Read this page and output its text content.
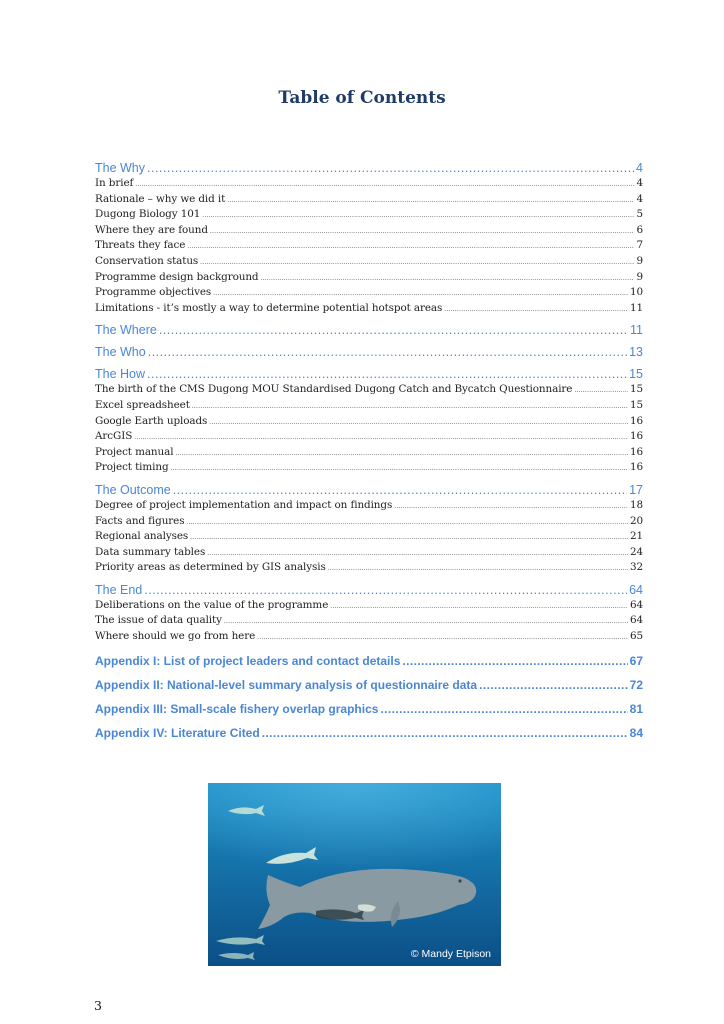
Table of Contents
The Why .....	4
In brief .....	4
Rationale – why we did it .....	4
Dugong Biology 101 .....	5
Where they are found .....	6
Threats they face .....	7
Conservation status .....	9
Programme design background .....	9
Programme objectives .....	10
Limitations - it’s mostly a way to determine potential hotspot areas .....	11
The Where .....	11
The Who .....	13
The How .....	15
The birth of the CMS Dugong MOU Standardised Dugong Catch and Bycatch Questionnaire .....	15
Excel spreadsheet .....	15
Google Earth uploads .....	16
ArcGIS .....	16
Project manual .....	16
Project timing .....	16
The Outcome .....	17
Degree of project implementation and impact on findings .....	18
Facts and figures .....	20
Regional analyses .....	21
Data summary tables .....	24
Priority areas as determined by GIS analysis .....	32
The End .....	64
Deliberations on the value of the programme .....	64
The issue of data quality .....	64
Where should we go from here .....	65
Appendix I: List of project leaders and contact details .....	67
Appendix II: National-level summary analysis of questionnaire data .....	72
Appendix III: Small-scale fishery overlap graphics .....	81
Appendix IV: Literature Cited .....	84
© Mandy Etpison
3
